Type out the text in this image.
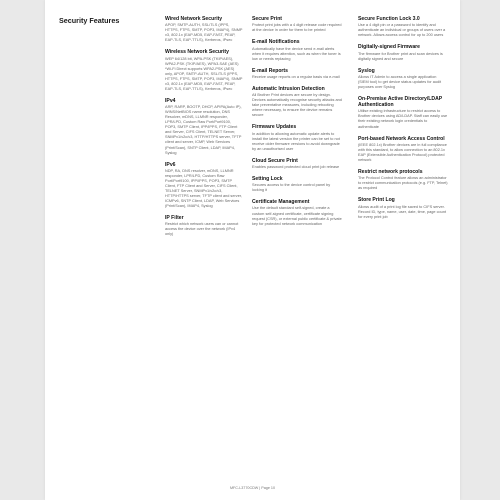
Security Features	Wired Network Security

APOP, SMTP-AUTH, SSL/TLS (IPPS, HTTPS, FTPS, SMTP, POP3, IMAP4), SNMP v3, 802.1x (EAP-MD5, EAP-FAST, PEAP, EAP-TLS, EAP-TTLS), Kerberos, IPsec

Wireless Network Security

WEP 64/128 bit, WPA-PSK (TKIP/AES), WPA2-PSK (TKIP/AES), WPA3-SAE (AES) *Wi-Fi Direct supports WPA2-PSK (AES) only, APOP, SMTP-AUTH, SSL/TLS (IPPS, HTTPS, FTPS, SMTP, POP3, IMAP4), SNMP v3, 802.1x (EAP-MD5, EAP-FAST, PEAP, EAP-TLS, EAP-TTLS), Kerberos, IPsec

IPv4

ARP, RARP, BOOTP, DHCP, APIPA(Auto IP), WINS/NetBIOS name resolution, DNS Resolver, mDNS, LLMNR responder, LPR/LPD, Custom Raw Port/Port9100, POP3, SMTP Client, IPP/IPPS, FTP Client and Server, CIFS Client, TELNET Server, SNMPv1/v2c/v3, HTTP/HTTPS server, TFTP client and server, ICMP, Web Services (Print/Scan), SNTP Client, LDAP, IMAP4, Syslog

IPv6

NDP, RA, DNS resolver, mDNS, LLMNR responder, LPR/LPD, Custom Raw Port/Port9100, IPP/IPPS, POP3, SMTP Client, FTP Client and Server, CIFS Client, TELNET Server, SNMPv1/v2c/v3, HTTP/HTTPS server, TFTP client and server, ICMPv6, SNTP Client, LDAP, Web Services (Print/Scan), IMAP4, Syslog

IP Filter

Restrict which network users can or cannot access the device over the network (IPv4 only)

Secure Print

Protect print jobs with a 4 digit release code required at the device in order for them to be printed

E-mail Notifications

Automatically have the device send e-mail alerts when it requires attention, such as when the toner is low or needs replacing

E-mail Reports

Receive usage reports on a regular basis via e-mail

Automatic Intrusion Detection

All Brother Print devices are secure by design. Devices automatically recognise security attacks and take preventative measures, including rebooting where necessary, to ensure the device remains secure

Firmware Updates

In addition to allowing automatic update alerts to install the latest version the printer can be set to not receive older firmware versions to avoid downgrade by an unauthorised user

Cloud Secure Print

Enables password protected cloud print job release

Setting Lock

Secures access to the device control panel by locking it

Certificate Management

Use the default standard self-signed, create a custom self-signed certificate, certificate signing request (CSR), or external public certificate & private key for protected network communication

Secure Function Lock 3.0

Use a 4 digit pin or a password to identify and authenticate an individual or groups of users over a network. Allows access control for up to 200 users

Digitally-signed Firmware

The firmware for Brother print and scan devices is digitally signed and secure

Syslog

Allows IT Admin to access a single application (SIEM tool) to get device status updates for audit purposes over Syslog

On-Premise Active Directory/LDAP Authentication

Utilise existing infrastructure to restrict access to Brother devices using AD/LDAP. Staff can easily use their existing network login credentials to authenticate

Port-based Network Access Control

(IEEE 802.1x) Brother devices are in full compliance with this standard, to allow connection to an 802.1x EAP (Extensible Authentication Protocol) protected network

Restrict network protocols

The Protocol Control feature allows an administrator to restrict communication protocols (e.g. FTP, Telnet) as required

Store Print Log

Allows audit of a print log file saved to CIFS server. Record ID, type, name, user, date, time, page count for every print job

MFC-L3770CDW | Page 10
